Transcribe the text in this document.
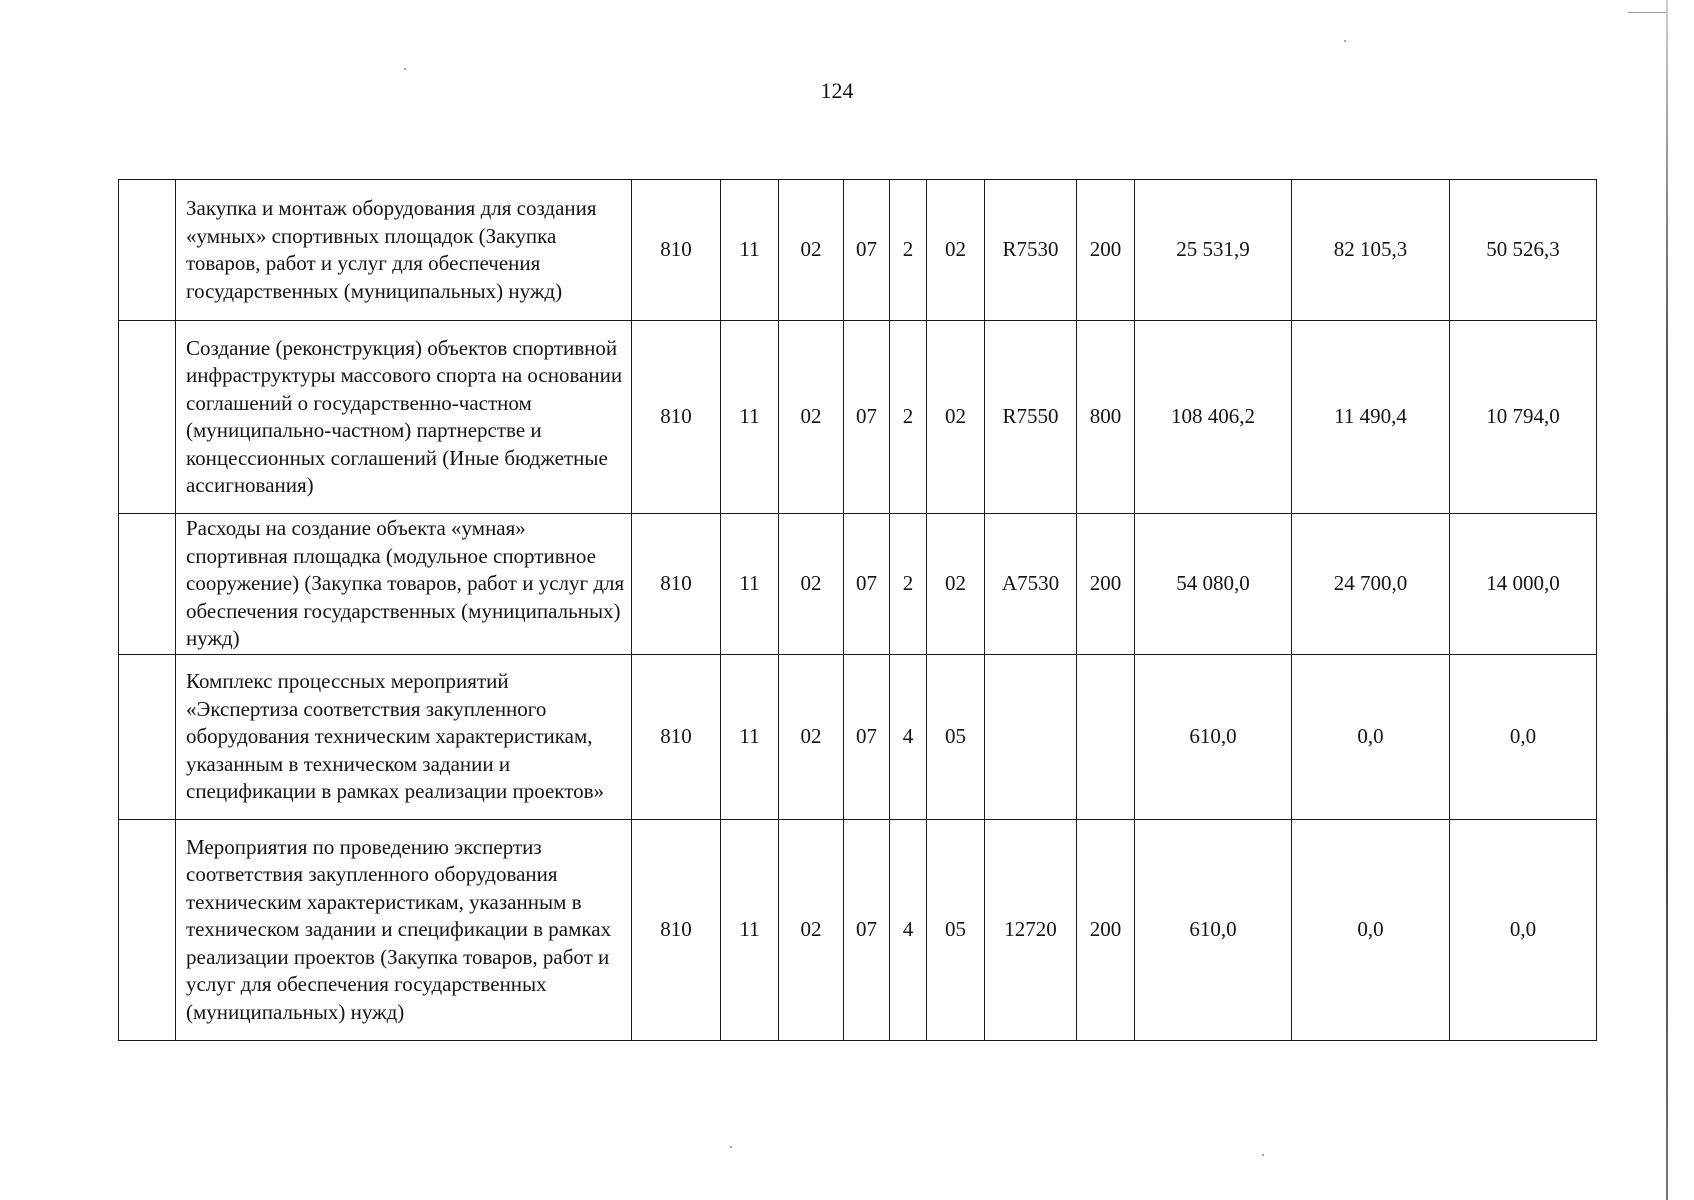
124
	Закупка и монтаж оборудования для создания «умных» спортивных площадок (Закупка товаров, работ и услуг для обеспечения государственных (муниципальных) нужд)	810	11	02	07	2	02	R7530	200	25 531,9	82 105,3	50 526,3
	Создание (реконструкция) объектов спортивной инфраструктуры массового спорта на основании соглашений о государственно-частном (муниципально-частном) партнерстве и концессионных соглашений (Иные бюджетные ассигнования)	810	11	02	07	2	02	R7550	800	108 406,2	11 490,4	10 794,0
	Расходы на создание объекта «умная» спортивная площадка (модульное спортивное сооружение) (Закупка товаров, работ и услуг для обеспечения государственных (муниципальных) нужд)	810	11	02	07	2	02	A7530	200	54 080,0	24 700,0	14 000,0
	Комплекс процессных мероприятий «Экспертиза соответствия закупленного оборудования техническим характеристикам, указанным в техническом задании и спецификации в рамках реализации проектов»	810	11	02	07	4	05			610,0	0,0	0,0
	Мероприятия по проведению экспертиз соответствия закупленного оборудования техническим характеристикам, указанным в техническом задании и спецификации в рамках реализации проектов (Закупка товаров, работ и услуг для обеспечения государственных (муниципальных) нужд)	810	11	02	07	4	05	12720	200	610,0	0,0	0,0
